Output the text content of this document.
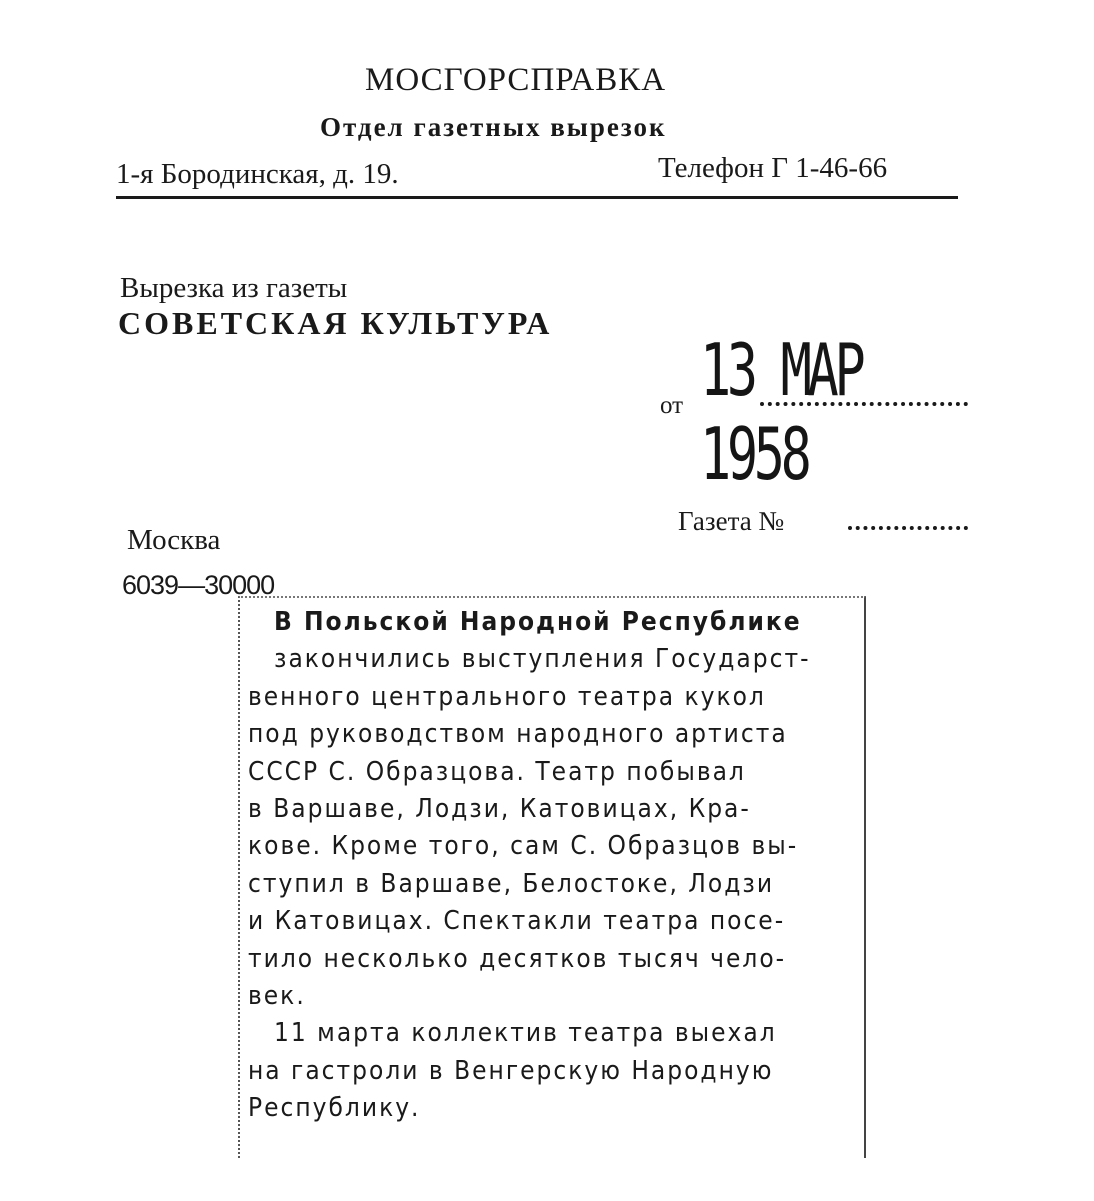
МОСГОРСПРАВКА
Отдел газетных вырезок
1-я Бородинская, д. 19.	Телефон Г 1-46-66
Вырезка из газеты
СОВЕТСКАЯ КУЛЬТУРА
от 13 МАР 1958
Газета №
Москва
6039—30000

В Польской Народной Республике
закончились выступления Государст-

венного центрального театра кукол
под руководством народного артиста
СССР С. Образцова. Театр побывал
в Варшаве, Лодзи, Катовицах, Кра-
кове. Кроме того, сам С. Образцов вы-
ступил в Варшаве, Белостоке, Лодзи
и Катовицах. Спектакли театра посе-
тило несколько десятков тысяч чело-
век.

11 марта коллектив театра выехал

на гастроли в Венгерскую Народную
Республику.
